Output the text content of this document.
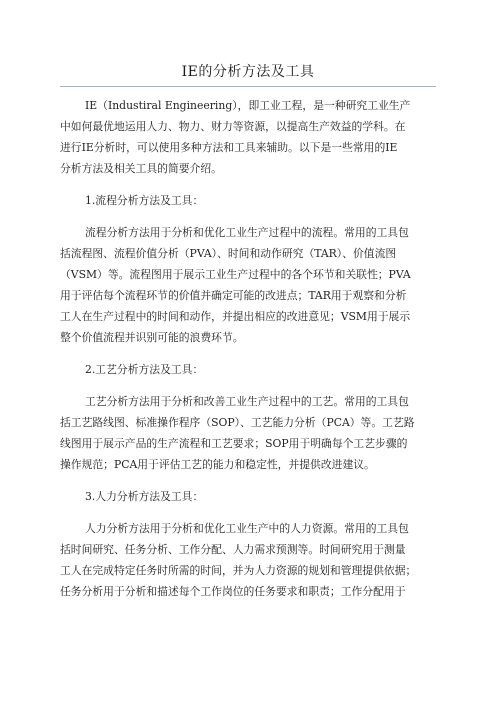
IE的分析方法及工具
IE（Industiral Engineering），即工业工程，是一种研究工业生产
中如何最优地运用人力、物力、财力等资源，以提高生产效益的学科。在
进行IE分析时，可以使用多种方法和工具来辅助。以下是一些常用的IE
分析方法及相关工具的简要介绍。
1.流程分析方法及工具：
流程分析方法用于分析和优化工业生产过程中的流程。常用的工具包
括流程图、流程价值分析（PVA）、时间和动作研究（TAR）、价值流图
（VSM）等。流程图用于展示工业生产过程中的各个环节和关联性；PVA
用于评估每个流程环节的价值并确定可能的改进点；TAR用于观察和分析
工人在生产过程中的时间和动作，并提出相应的改进意见；VSM用于展示
整个价值流程并识别可能的浪费环节。
2.工艺分析方法及工具：
工艺分析方法用于分析和改善工业生产过程中的工艺。常用的工具包
括工艺路线图、标准操作程序（SOP）、工艺能力分析（PCA）等。工艺路
线图用于展示产品的生产流程和工艺要求；SOP用于明确每个工艺步骤的
操作规范；PCA用于评估工艺的能力和稳定性，并提供改进建议。
3.人力分析方法及工具：
人力分析方法用于分析和优化工业生产中的人力资源。常用的工具包
括时间研究、任务分析、工作分配、人力需求预测等。时间研究用于测量
工人在完成特定任务时所需的时间，并为人力资源的规划和管理提供依据；
任务分析用于分析和描述每个工作岗位的任务要求和职责；工作分配用于
